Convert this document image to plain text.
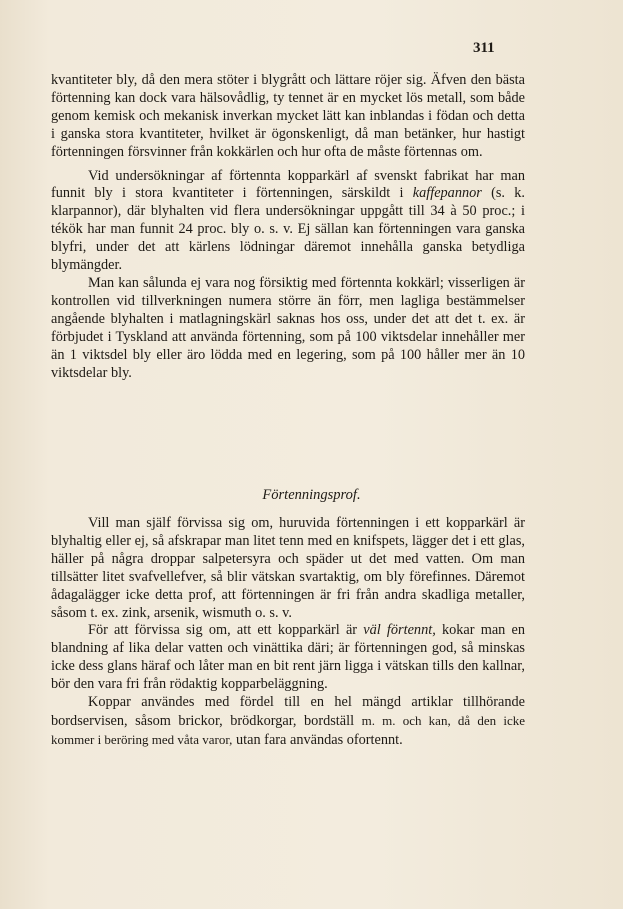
311

kvantiteter bly, då den mera stöter i blygrått och lättare röjer sig. Äfven den bästa förtenning kan dock vara hälsovådlig, ty tennet är en mycket lös metall, som både genom kemisk och mekanisk inverkan mycket lätt kan inblandas i födan och detta i ganska stora kvantiteter, hvilket är ögonskenligt, då man betänker, hur hastigt förtenningen försvinner från kokkärlen och hur ofta de måste förtennas om.

Vid undersökningar af förtennta kopparkärl af svenskt fabrikat har man funnit bly i stora kvantiteter i förtenningen, särskildt i kaffepannor (s. k. klarpannor), där blyhalten vid flera undersökningar uppgått till 34 à 50 proc.; i tékök har man funnit 24 proc. bly o. s. v. Ej sällan kan förtenningen vara ganska blyfri, under det att kärlens lödningar däremot innehålla ganska betydliga blymängder.

Man kan sålunda ej vara nog försiktig med förtennta kokkärl; visserligen är kontrollen vid tillverkningen numera större än förr, men lagliga bestämmelser angående blyhalten i matlagningskärl saknas hos oss, under det att det t. ex. är förbjudet i Tyskland att använda förtenning, som på 100 viktsdelar innehåller mer än 1 viktsdel bly eller äro lödda med en legering, som på 100 håller mer än 10 viktsdelar bly.

Förtenningsprof.

Vill man själf förvissa sig om, huruvida förtenningen i ett kopparkärl är blyhaltig eller ej, så afskrapar man litet tenn med en knifspets, lägger det i ett glas, häller på några droppar salpetersyra och späder ut det med vatten. Om man tillsätter litet svafvellefver, så blir vätskan svartaktig, om bly förefinnes. Däremot ådagalägger icke detta prof, att förtenningen är fri från andra skadliga metaller, såsom t. ex. zink, arsenik, wismuth o. s. v.

För att förvissa sig om, att ett kopparkärl är väl förtennt, kokar man en blandning af lika delar vatten och vinättika däri; är förtenningen god, så minskas icke dess glans häraf och låter man en bit rent järn ligga i vätskan tills den kallnar, bör den vara fri från rödaktig kopparbeläggning.

Koppar användes med fördel till en hel mängd artiklar tillhörande bordservisen, såsom brickor, brödkorgar, bordställ m. m. och kan, då den icke kommer i beröring med våta varor, utan fara användas ofortennt.
